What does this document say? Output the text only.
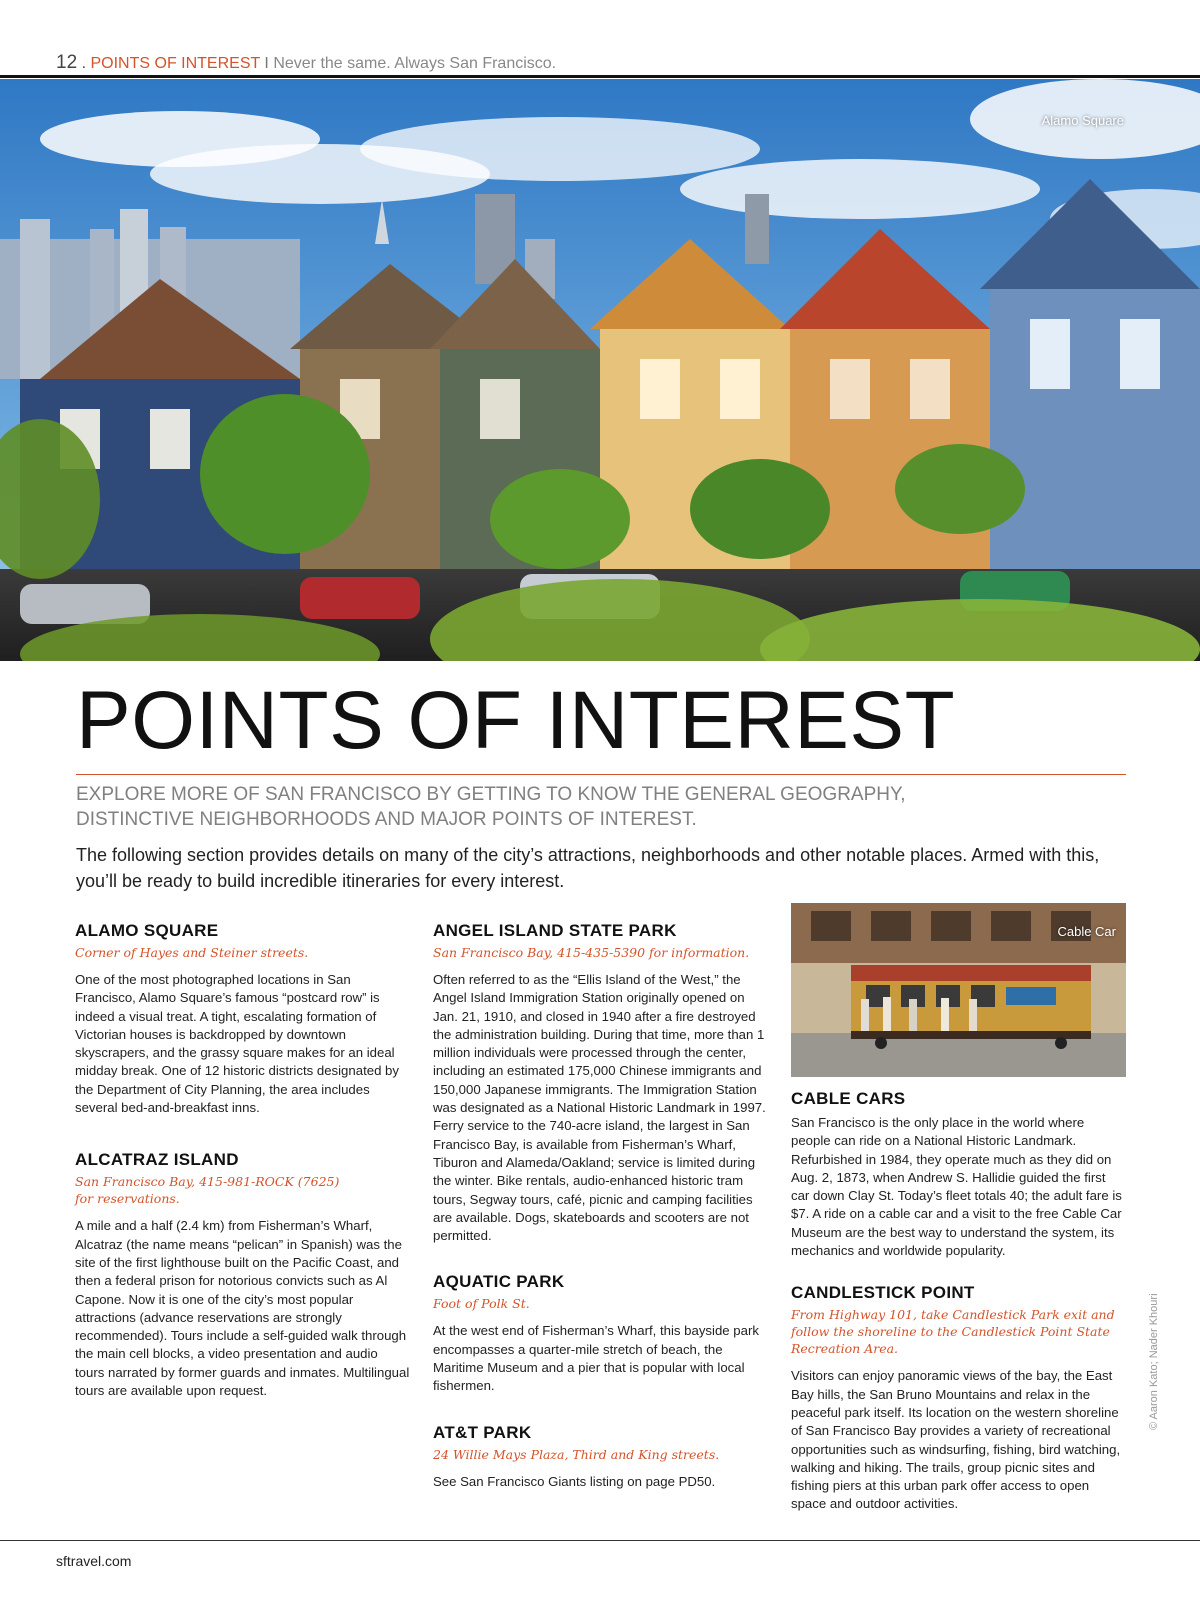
12 . POINTS OF INTEREST I Never the same. Always San Francisco.
Alamo Square
POINTS OF INTEREST
EXPLORE MORE OF SAN FRANCISCO BY GETTING TO KNOW THE GENERAL GEOGRAPHY,
DISTINCTIVE NEIGHBORHOODS AND MAJOR POINTS OF INTEREST.

The following section provides details on many of the city’s attractions, neighborhoods and other notable places. Armed with this, you’ll be ready to build incredible itineraries for every interest.

ALAMO SQUARE
Corner of Hayes and Steiner streets.

One of the most photographed locations in San Francisco, Alamo Square’s famous “postcard row” is indeed a visual treat. A tight, escalating formation of Victorian houses is backdropped by downtown skyscrapers, and the grassy square makes for an ideal midday break. One of 12 historic districts designated by the Department of City Planning, the area includes several bed-and-breakfast inns.

ALCATRAZ ISLAND
San Francisco Bay, 415-981-ROCK (7625)
for reservations.

A mile and a half (2.4 km) from Fisherman’s Wharf, Alcatraz (the name means “pelican” in Spanish) was the site of the first lighthouse built on the Pacific Coast, and then a federal prison for notorious convicts such as Al Capone. Now it is one of the city’s most popular attractions (advance reservations are strongly recommended). Tours include a self-guided walk through the main cell blocks, a video presentation and audio tours narrated by former guards and inmates. Multilingual tours are available upon request.

ANGEL ISLAND STATE PARK
San Francisco Bay, 415-435-5390 for information.

Often referred to as the “Ellis Island of the West,” the Angel Island Immigration Station originally opened on Jan. 21, 1910, and closed in 1940 after a fire destroyed the administration building. During that time, more than 1 million individuals were processed through the center, including an estimated 175,000 Chinese immigrants and 150,000 Japanese immigrants. The Immigration Station was designated as a National Historic Landmark in 1997. Ferry service to the 740-acre island, the largest in San Francisco Bay, is available from Fisherman’s Wharf, Tiburon and Alameda/Oakland; service is limited during the winter. Bike rentals, audio-enhanced historic tram tours, Segway tours, café, picnic and camping facilities are available. Dogs, skateboards and scooters are not permitted.

AQUATIC PARK
Foot of Polk St.

At the west end of Fisherman’s Wharf, this bayside park encompasses a quarter-mile stretch of beach, the Maritime Museum and a pier that is popular with local fishermen.

AT&T PARK
24 Willie Mays Plaza, Third and King streets.

See San Francisco Giants listing on page PD50.

Cable Car
CABLE CARS

San Francisco is the only place in the world where people can ride on a National Historic Landmark. Refurbished in 1984, they operate much as they did on Aug. 2, 1873, when Andrew S. Hallidie guided the first car down Clay St. Today’s fleet totals 40; the adult fare is $7. A ride on a cable car and a visit to the free Cable Car Museum are the best way to understand the system, its mechanics and worldwide popularity.

CANDLESTICK POINT
From Highway 101, take Candlestick Park exit and follow the shoreline to the Candlestick Point State Recreation Area.

Visitors can enjoy panoramic views of the bay, the East Bay hills, the San Bruno Mountains and relax in the peaceful park itself. Its location on the western shoreline of San Francisco Bay provides a variety of recreational opportunities such as windsurfing, fishing, bird watching, walking and hiking. The trails, group picnic sites and fishing piers at this urban park offer access to open space and outdoor activities.

© Aaron Kato; Nader Khouri
sftravel.com
